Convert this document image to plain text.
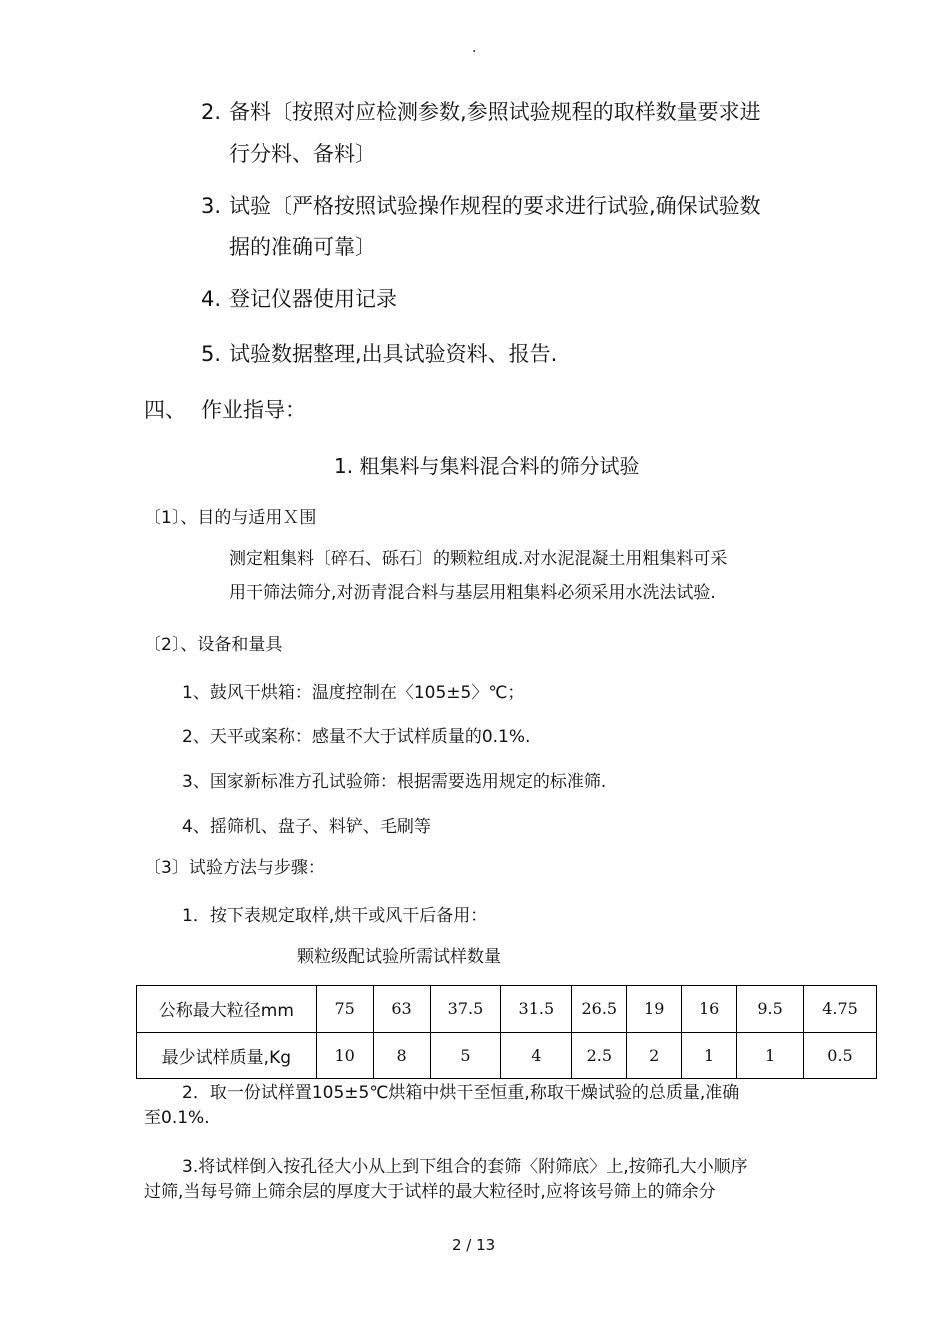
.
2. 备料〔按照对应检测参数,参照试验规程的取样数量要求进
行分料、备料〕
3. 试验〔严格按照试验操作规程的要求进行试验,确保试验数
据的准确可靠〕
4. 登记仪器使用记录
5. 试验数据整理,出具试验资料、报告.
四、 作业指导：
1. 粗集料与集料混合料的筛分试验
〔1〕、目的与适用Ｘ围
测定粗集料〔碎石、砾石〕的颗粒组成.对水泥混凝土用粗集料可采
用干筛法筛分,对沥青混合料与基层用粗集料必须采用水洗法试验.
〔2〕、设备和量具
1、鼓风干烘箱：温度控制在〈105±5〉℃；
2、天平或案称：感量不大于试样质量的0.1%.
3、国家新标准方孔试验筛：根据需要选用规定的标准筛.
4、摇筛机、盘子、料铲、毛刷等
〔3〕试验方法与步骤：
1．按下表规定取样,烘干或风干后备用：
颗粒级配试验所需试样数量
公称最大粒径mm	75	63	37.5	31.5	26.5	19	16	9.5	4.75
最少试样质量,Kg	10	8	5	4	2.5	2	1	1	0.5
2．取一份试样置105±5℃烘箱中烘干至恒重,称取干燥试验的总质量,准确
至0.1%.
3.将试样倒入按孔径大小从上到下组合的套筛〈附筛底〉上,按筛孔大小顺序
过筛,当每号筛上筛余层的厚度大于试样的最大粒径时,应将该号筛上的筛余分
2 / 13
